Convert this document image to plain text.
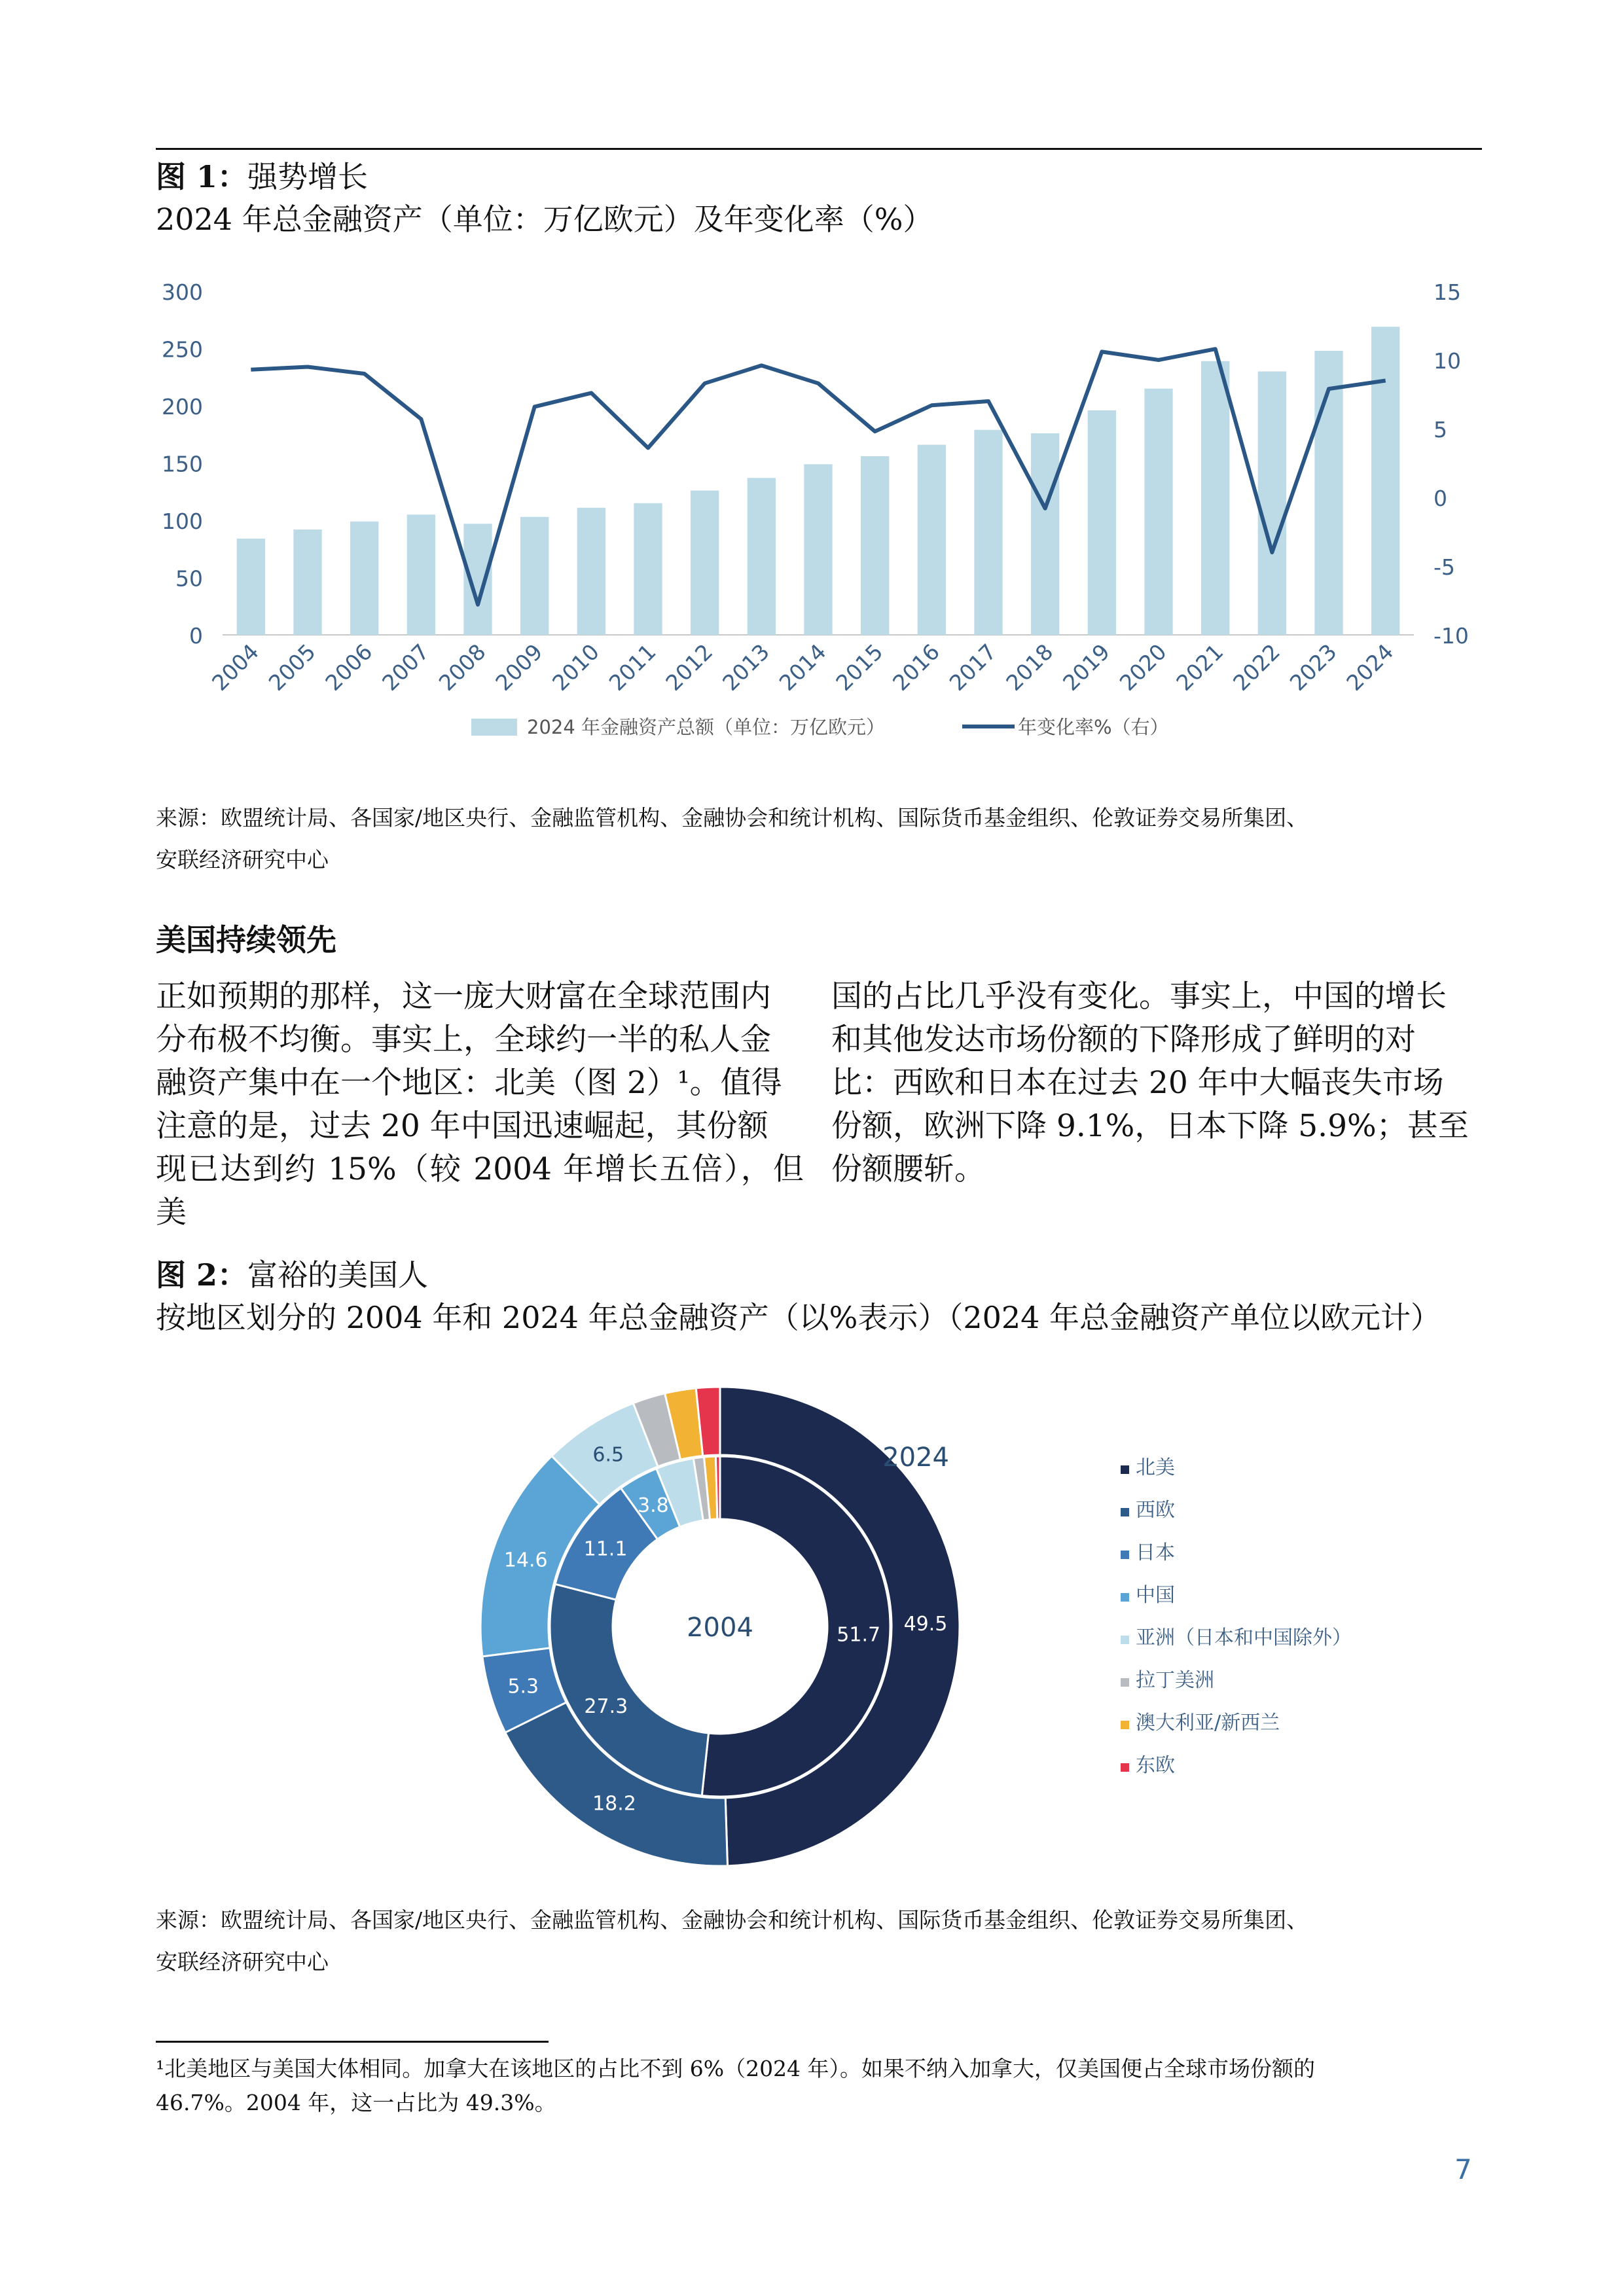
图 1：强势增长
2024 年总金融资产（单位：万亿欧元）及年变化率（%）
0
50
100
150
200
250
300
-10
-5
0
5
10
15
2004 2005 2006 2007 2008 2009 2010 2011 2012 2013 2014 2015 2016 2017 2018 2019 2020 2021 2022 2023 2024
2024 年金融资产总额（单位：万亿欧元）	年变化率%（右）
来源：欧盟统计局、各国家/地区央行、金融监管机构、金融协会和统计机构、国际货币基金组织、伦敦证券交易所集团、
安联经济研究中心
美国持续领先
正如预期的那样，这一庞大财富在全球范围内
分布极不均衡。事实上，全球约一半的私人金
融资产集中在一个地区：北美（图 2）¹。值得
注意的是，过去 20 年中国迅速崛起，其份额
现已达到约 15%（较 2004 年增长五倍），但美
国的占比几乎没有变化。事实上，中国的增长
和其他发达市场份额的下降形成了鲜明的对
比：西欧和日本在过去 20 年中大幅丧失市场
份额，欧洲下降 9.1%，日本下降 5.9%；甚至
份额腰斩。
图 2：富裕的美国人
按地区划分的 2004 年和 2024 年总金融资产（以%表示）（2024 年总金融资产单位以欧元计）
49.5
18.2
5.3
14.6
6.5
51.7
27.3
11.1
3.8
2004
2024	北美
西欧
日本
中国
亚洲（日本和中国除外）
拉丁美洲
澳大利亚/新西兰
东欧
来源：欧盟统计局、各国家/地区央行、金融监管机构、金融协会和统计机构、国际货币基金组织、伦敦证券交易所集团、
安联经济研究中心
¹北美地区与美国大体相同。加拿大在该地区的占比不到 6%（2024 年）。如果不纳入加拿大，仅美国便占全球市场份额的
46.7%。2004 年，这一占比为 49.3%。
7
